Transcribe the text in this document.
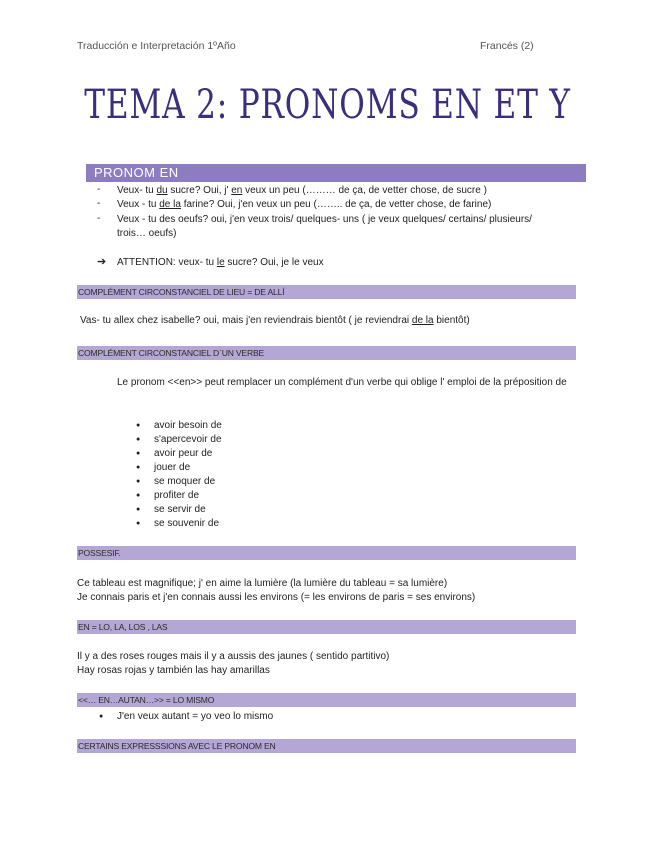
Traducción e Interpretación 1ºAño	Francés (2)
TEMA 2: PRONOMS EN ET Y
PRONOM EN
- Veux- tu du sucre? Oui, j' en veux un peu (……… de ça, de vetter chose, de sucre )
- Veux - tu de la farine? Oui, j'en veux un peu (…….. de ça, de vetter chose, de farine)
- Veux - tu des oeufs? oui, j'en veux trois/ quelques- uns ( je veux quelques/ certains/ plusieurs/
trois… oeufs)
➔ ATTENTION: veux- tu le sucre? Oui, je le veux
COMPLÉMENT CIRCONSTANCIEL DE LIEU = DE ALLÍ
Vas- tu allex chez isabelle? oui, mais j'en reviendrais bientôt ( je reviendrai de la bientôt)
COMPLÉMENT CIRCONSTANCIEL D`UN VERBE
Le pronom <<en>> peut remplacer un complément d'un verbe qui oblige l' emploi de la préposition de
● avoir besoin de
● s'apercevoir de
● avoir peur de
● jouer de
● se moquer de
● profiter de
● se servir de
● se souvenir de
POSSESIF.
Ce tableau est magnifique; j' en aime la lumière (la lumière du tableau = sa lumière)
Je connais paris et j'en connais aussi les environs (= les environs de paris = ses environs)
EN = LO, LA, LOS , LAS
Il y a des roses rouges mais il y a aussis des jaunes ( sentido partitivo)
Hay rosas rojas y también las hay amarillas
<<… EN…AUTAN…>> = LO MISMO
● J'en veux autant = yo veo lo mismo
CERTAINS EXPRESSSIONS AVEC LE PRONOM EN
